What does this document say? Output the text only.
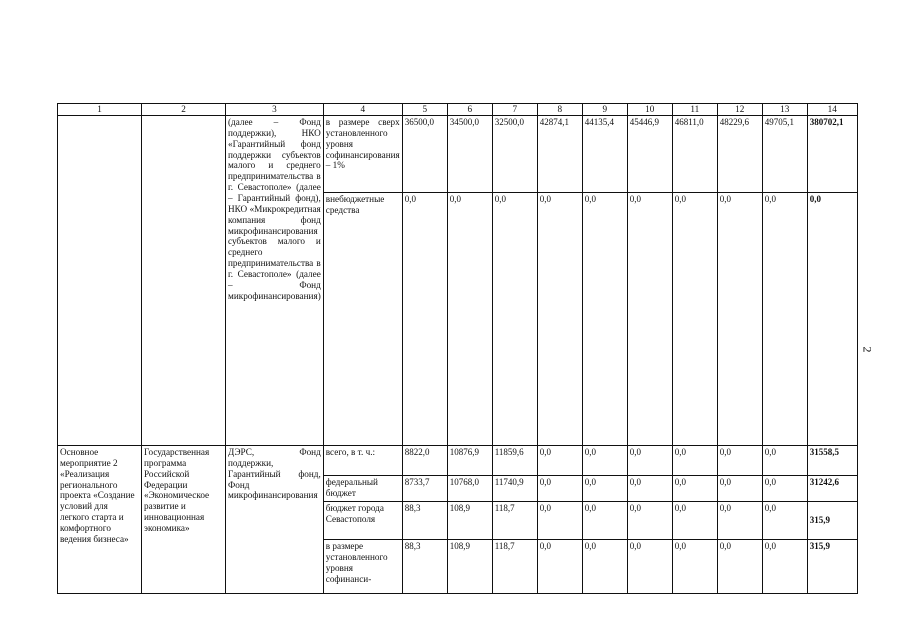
1	2	3	4	5	6	7	8	9	10	11	12	13	14
		(далее – Фонд поддержки), НКО «Гарантийный фонд поддержки субъектов малого и среднего предпринимательства в г. Севастополе» (далее – Гарантийный фонд), НКО «Микрокредитная компания фонд микрофинансирования субъектов малого и среднего предпринимательства в г. Севастополе» (далее – Фонд микрофинансирования)	в размере сверх установленного уровня софинансирования – 1%	36500,0	34500,0	32500,0	42874,1	44135,4	45446,9	46811,0	48229,6	49705,1	380702,1
			внебюджетные средства	0,0	0,0	0,0	0,0	0,0	0,0	0,0	0,0	0,0	0,0
Основное мероприятие 2 «Реализация регионального проекта «Создание условий для легкого старта и комфортного ведения бизнеса»	Государственная программа Российской Федерации «Экономическое развитие и инновационная экономика»	ДЭРС, Фонд поддержки, Гарантийный фонд, Фонд микрофинансирования	всего, в т. ч.:	8822,0	10876,9	11859,6	0,0	0,0	0,0	0,0	0,0	0,0	31558,5
			федеральный бюджет	8733,7	10768,0	11740,9	0,0	0,0	0,0	0,0	0,0	0,0	31242,6
			бюджет города Севастополя	88,3	108,9	118,7	0,0	0,0	0,0	0,0	0,0	0,0	315,9
			в размере установленного уровня софинанси-	88,3	108,9	118,7	0,0	0,0	0,0	0,0	0,0	0,0	315,9
2
